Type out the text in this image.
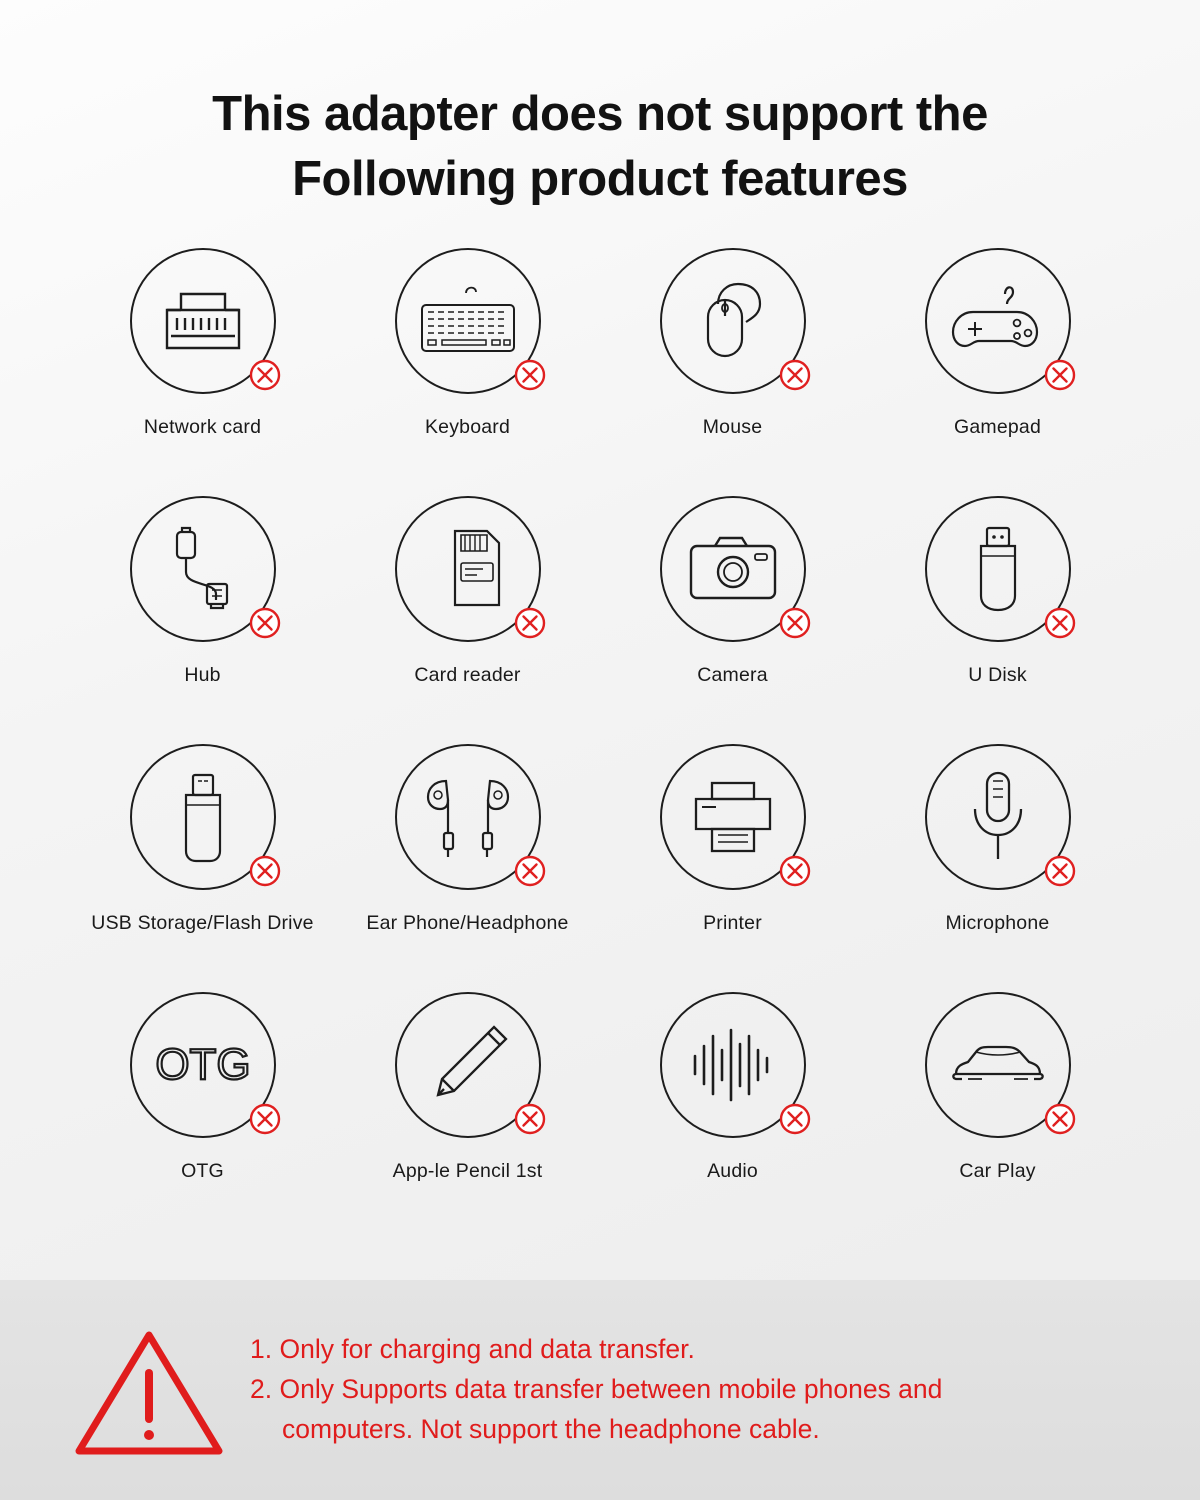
This adapter does not support the
Following product features
Network card	Keyboard	Mouse	Gamepad
Hub	Card reader	Camera	U Disk
USB Storage/Flash Drive	Ear Phone/Headphone	Printer	Microphone
OTG
OTG	App-le Pencil 1st	Audio	Car Play
1. Only for charging and data transfer.
2. Only Supports data transfer between mobile phones and
computers. Not support the headphone cable.
